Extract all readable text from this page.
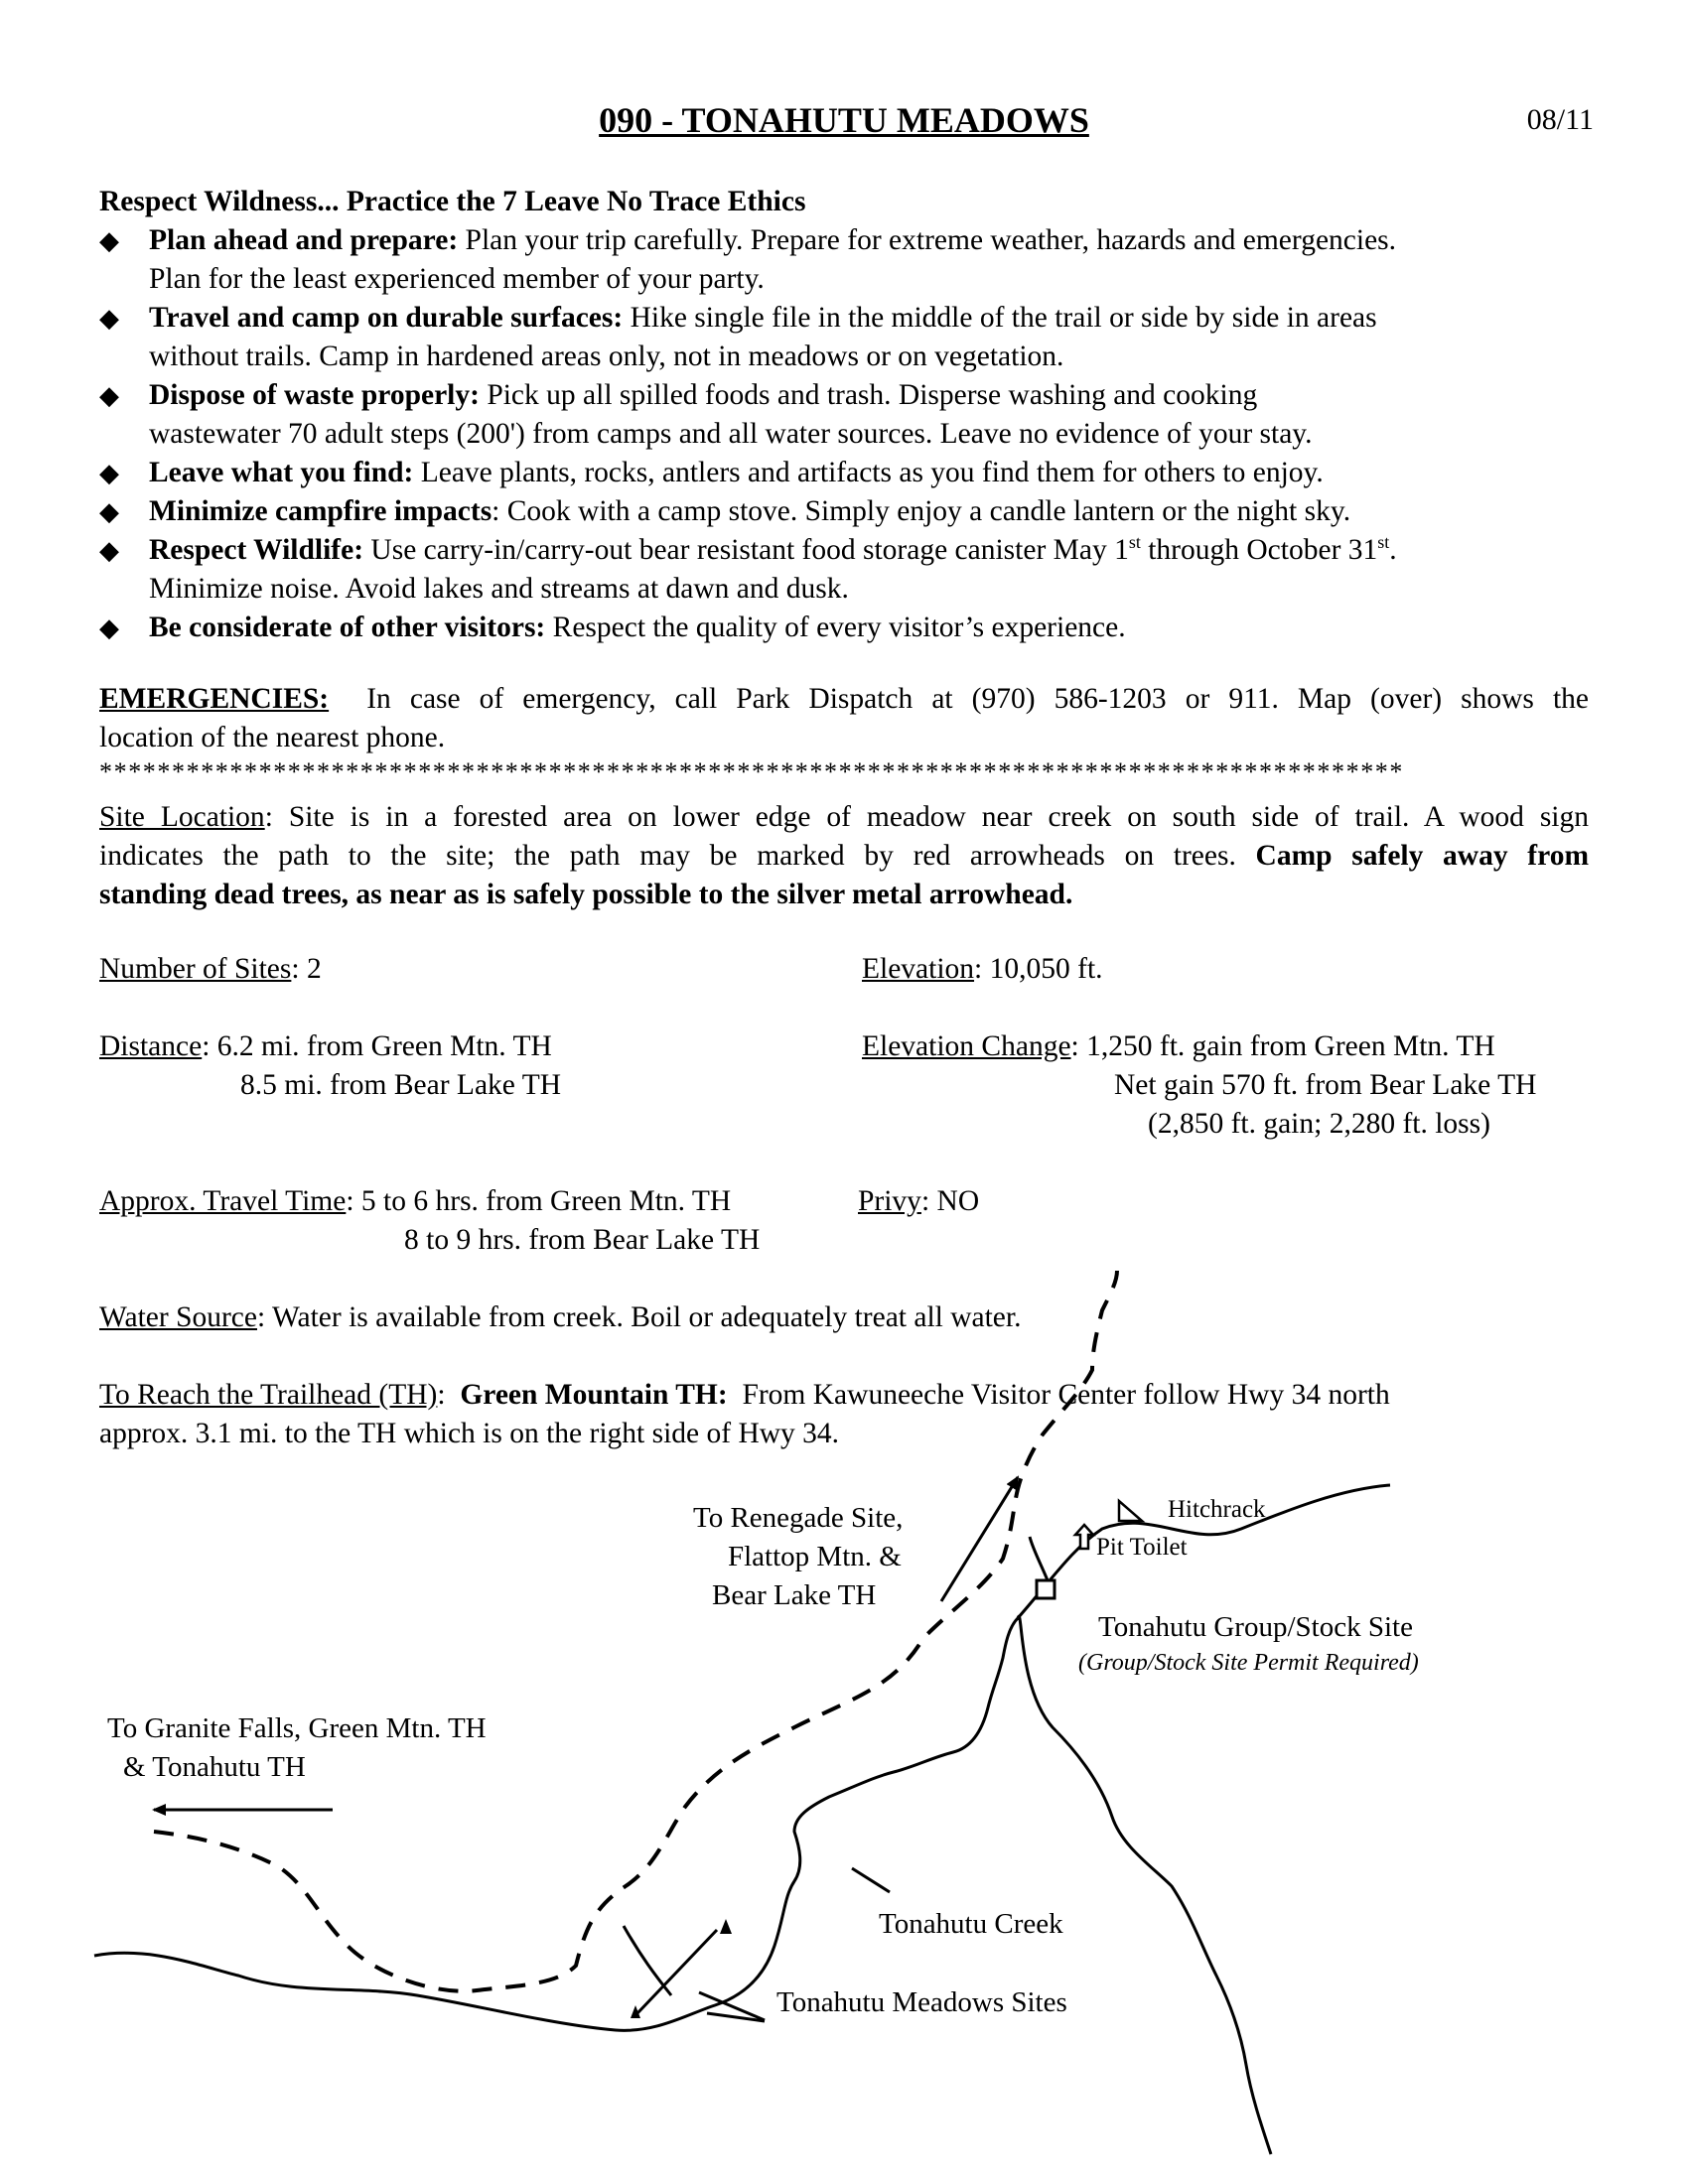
090 - TONAHUTU MEADOWS	08/11
Respect Wildness... Practice the 7 Leave No Trace Ethics
◆ Plan ahead and prepare: Plan your trip carefully. Prepare for extreme weather, hazards and emergencies.
Plan for the least experienced member of your party.
◆ Travel and camp on durable surfaces: Hike single file in the middle of the trail or side by side in areas
without trails. Camp in hardened areas only, not in meadows or on vegetation.
◆ Dispose of waste properly: Pick up all spilled foods and trash. Disperse washing and cooking
wastewater 70 adult steps (200') from camps and all water sources. Leave no evidence of your stay.
◆ Leave what you find: Leave plants, rocks, antlers and artifacts as you find them for others to enjoy.
◆ Minimize campfire impacts: Cook with a camp stove. Simply enjoy a candle lantern or the night sky.
◆ Respect Wildlife: Use carry-in/carry-out bear resistant food storage canister May 1st through October 31st.
Minimize noise. Avoid lakes and streams at dawn and dusk.
◆ Be considerate of other visitors: Respect the quality of every visitor’s experience.
EMERGENCIES: In case of emergency, call Park Dispatch at (970) 586-1203 or 911. Map (over) shows the
location of the nearest phone.
******************************************************************************************
Site Location: Site is in a forested area on lower edge of meadow near creek on south side of trail. A wood sign
indicates the path to the site; the path may be marked by red arrowheads on trees. Camp safely away from
standing dead trees, as near as is safely possible to the silver metal arrowhead.
Number of Sites: 2	Elevation: 10,050 ft.
Distance: 6.2 mi. from Green Mtn. TH
8.5 mi. from Bear Lake TH
Elevation Change: 1,250 ft. gain from Green Mtn. TH
Net gain 570 ft. from Bear Lake TH
(2,850 ft. gain; 2,280 ft. loss)
Approx. Travel Time: 5 to 6 hrs. from Green Mtn. TH
8 to 9 hrs. from Bear Lake TH
Privy: NO
Water Source: Water is available from creek. Boil or adequately treat all water.
To Reach the Trailhead (TH): Green Mountain TH: From Kawuneeche Visitor Center follow Hwy 34 north
approx. 3.1 mi. to the TH which is on the right side of Hwy 34.
To Renegade Site,
Flattop Mtn. &
Bear Lake TH
Hitchrack
Pit Toilet
Tonahutu Group/Stock Site
(Group/Stock Site Permit Required)
To Granite Falls, Green Mtn. TH
& Tonahutu TH
Tonahutu Creek
Tonahutu Meadows Sites
